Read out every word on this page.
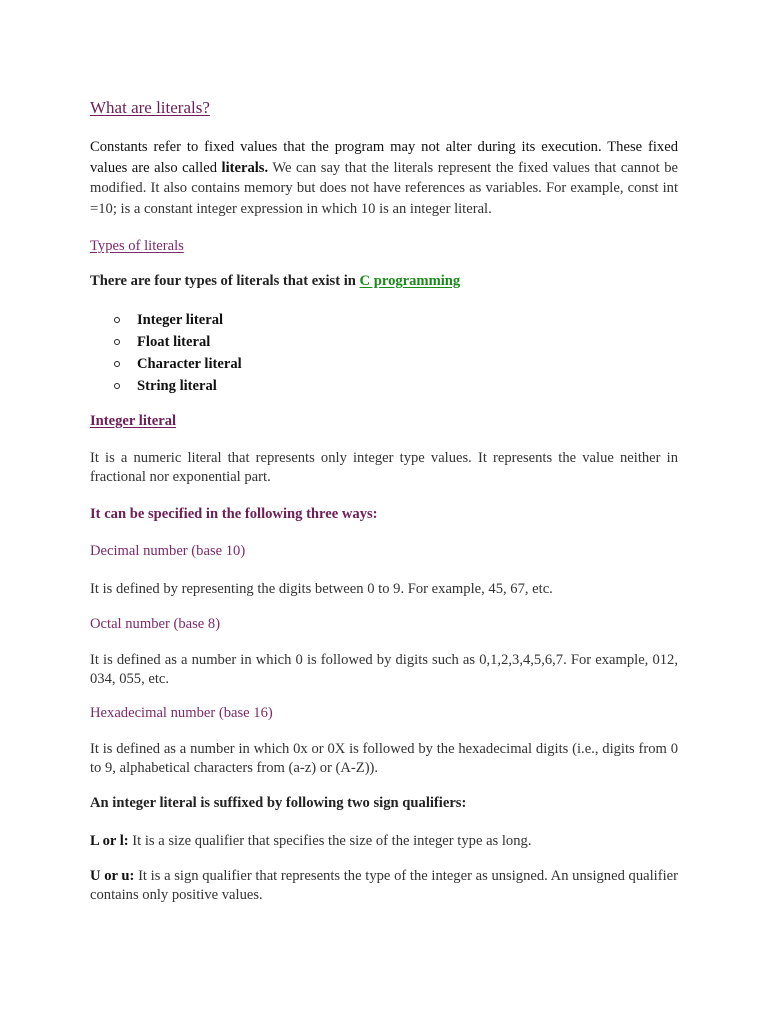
What are literals?

Constants refer to fixed values that the program may not alter during its execution. These fixed values are also called literals. We can say that the literals represent the fixed values that cannot be modified. It also contains memory but does not have references as variables. For example, const int =10; is a constant integer expression in which 10 is an integer literal.

Types of literals

There are four types of literals that exist in C programming

Integer literal
Float literal
Character literal
String literal
Integer literal

It is a numeric literal that represents only integer type values. It represents the value neither in fractional nor exponential part.

It can be specified in the following three ways:

Decimal number (base 10)

It is defined by representing the digits between 0 to 9. For example, 45, 67, etc.

Octal number (base 8)

It is defined as a number in which 0 is followed by digits such as 0,1,2,3,4,5,6,7. For example, 012, 034, 055, etc.

Hexadecimal number (base 16)

It is defined as a number in which 0x or 0X is followed by the hexadecimal digits (i.e., digits from 0 to 9, alphabetical characters from (a-z) or (A-Z)).

An integer literal is suffixed by following two sign qualifiers:

L or l: It is a size qualifier that specifies the size of the integer type as long.

U or u: It is a sign qualifier that represents the type of the integer as unsigned. An unsigned qualifier contains only positive values.
